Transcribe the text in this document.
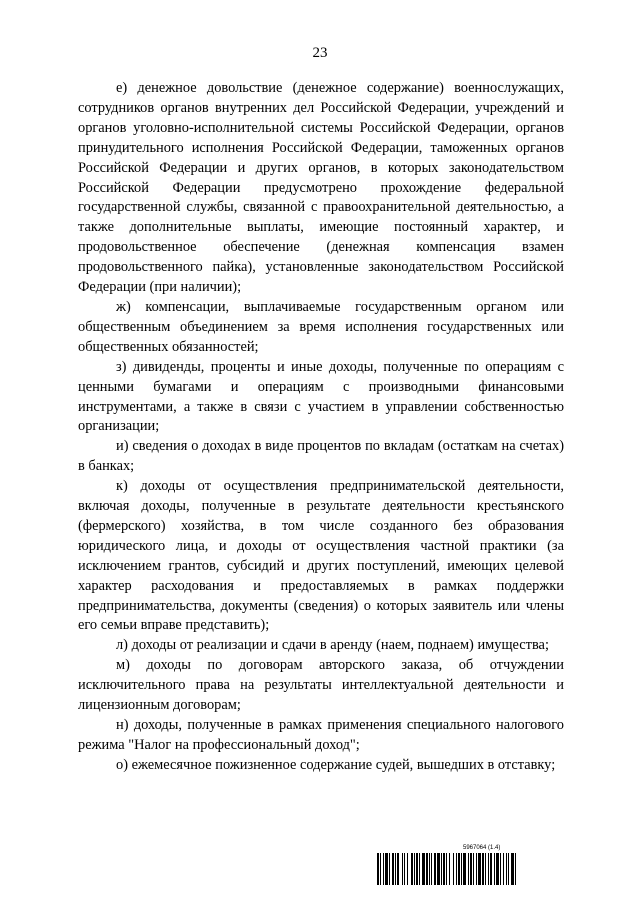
23

е) денежное довольствие (денежное содержание) военнослужащих, сотрудников органов внутренних дел Российской Федерации, учреждений и органов уголовно-исполнительной системы Российской Федерации, органов принудительного исполнения Российской Федерации, таможенных органов Российской Федерации и других органов, в которых законодательством Российской Федерации предусмотрено прохождение федеральной государственной службы, связанной с правоохранительной деятельностью, а также дополнительные выплаты, имеющие постоянный характер, и продовольственное обеспечение (денежная компенсация взамен продовольственного пайка), установленные законодательством Российской Федерации (при наличии);

ж) компенсации, выплачиваемые государственным органом или общественным объединением за время исполнения государственных или общественных обязанностей;

з) дивиденды, проценты и иные доходы, полученные по операциям с ценными бумагами и операциям с производными финансовыми инструментами, а также в связи с участием в управлении собственностью организации;

и) сведения о доходах в виде процентов по вкладам (остаткам на счетах) в банках;

к) доходы от осуществления предпринимательской деятельности, включая доходы, полученные в результате деятельности крестьянского (фермерского) хозяйства, в том числе созданного без образования юридического лица, и доходы от осуществления частной практики (за исключением грантов, субсидий и других поступлений, имеющих целевой характер расходования и предоставляемых в рамках поддержки предпринимательства, документы (сведения) о которых заявитель или члены его семьи вправе представить);

л) доходы от реализации и сдачи в аренду (наем, поднаем) имущества;

м) доходы по договорам авторского заказа, об отчуждении исключительного права на результаты интеллектуальной деятельности и лицензионным договорам;

н) доходы, полученные в рамках применения специального налогового режима "Налог на профессиональный доход";

о) ежемесячное пожизненное содержание судей, вышедших в отставку;

5967064 (1.4)
